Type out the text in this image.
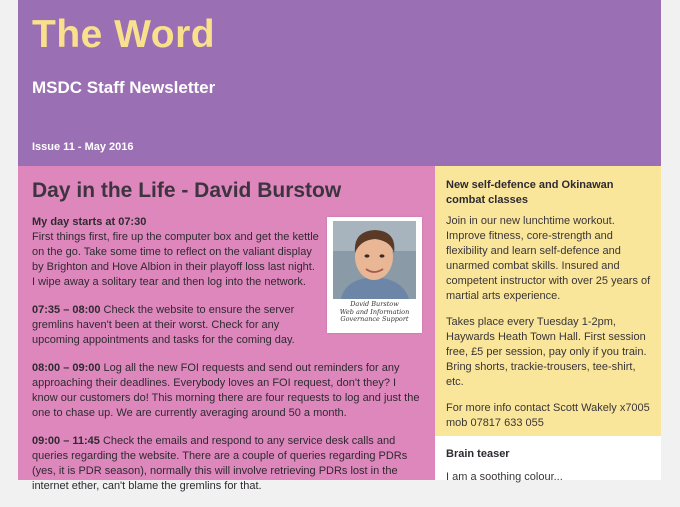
The Word
MSDC Staff Newsletter
Issue 11 - May 2016
Day in the Life - David Burstow
David Burstow
Web and Information
Governance Support

My day starts at 07:30
First things first, fire up the computer box and get the kettle on the go. Take some time to reflect on the valiant display by Brighton and Hove Albion in their playoff loss last night. I wipe away a solitary tear and then log into the network.

07:35 – 08:00 Check the website to ensure the server gremlins haven't been at their worst. Check for any upcoming appointments and tasks for the coming day.

08:00 – 09:00 Log all the new FOI requests and send out reminders for any approaching their deadlines. Everybody loves an FOI request, don't they? I know our customers do! This morning there are four requests to log and just the one to chase up. We are currently averaging around 50 a month.

09:00 – 11:45 Check the emails and respond to any service desk calls and queries regarding the website. There are a couple of queries regarding PDRs (yes, it is PDR season), normally this will involve retrieving PDRs lost in the internet ether, can't blame the gremlins for that.

New self-defence and Okinawan combat classes

Join in our new lunchtime workout. Improve fitness, core-strength and flexibility and learn self-defence and unarmed combat skills. Insured and competent instructor with over 25 years of martial arts experience.

Takes place every Tuesday 1-2pm, Haywards Heath Town Hall. First session free, £5 per session, pay only if you train. Bring shorts, trackie-trousers, tee-shirt, etc.

For more info contact Scott Wakely x7005 mob 07817 633 055

Brain teaser
I am a soothing colour...
